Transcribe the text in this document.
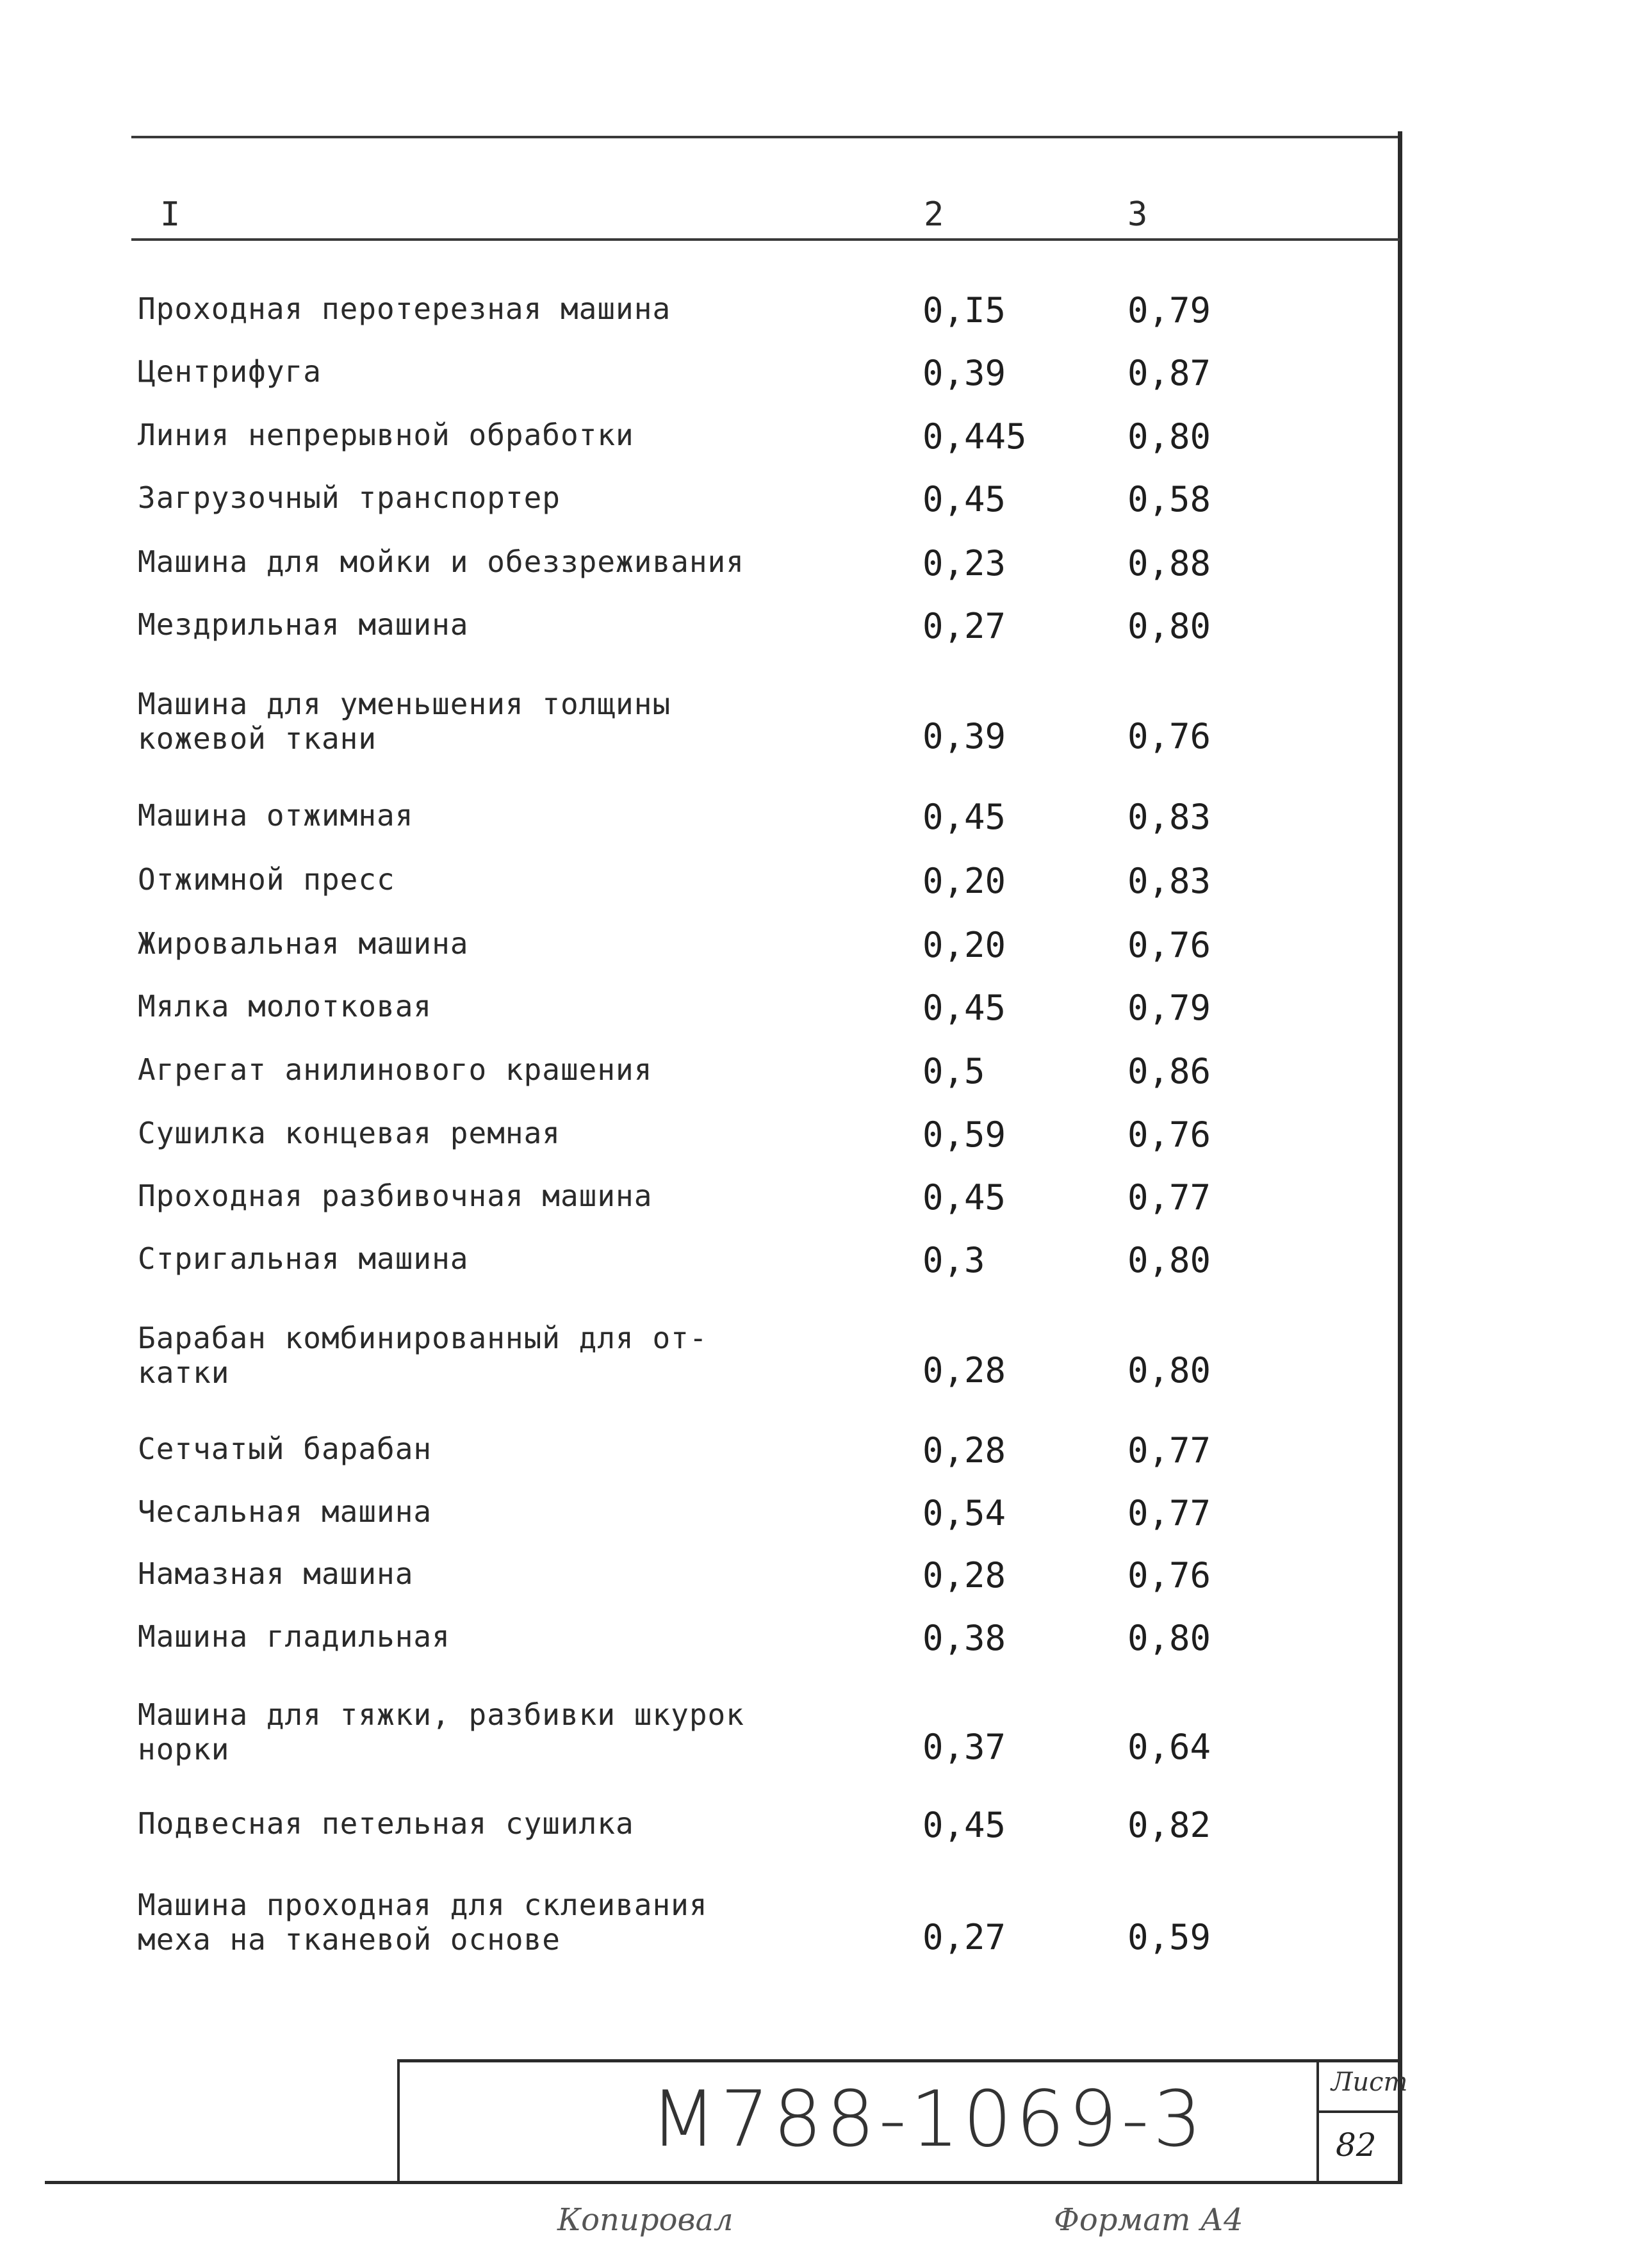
I	2	3
Проходная перотерезная машина	0,I5	0,79
Центрифуга	0,39	0,87
Линия непрерывной обработки	0,445	0,80
Загрузочный транспортер	0,45	0,58
Машина для мойки и обеззреживания	0,23	0,88
Мездрильная машина	0,27	0,80
Машина для уменьшения толщины
кожевой ткани	0,39	0,76
Машина отжимная	0,45	0,83
Отжимной пресс	0,20	0,83
Жировальная машина	0,20	0,76
Мялка молотковая	0,45	0,79
Агрегат анилинового крашения	0,5	0,86
Сушилка концевая ремная	0,59	0,76
Проходная разбивочная машина	0,45	0,77
Стригальная машина	0,3	0,80
Барабан комбинированный для от-
катки	0,28	0,80
Сетчатый барабан	0,28	0,77
Чесальная машина	0,54	0,77
Намазная машина	0,28	0,76
Машина гладильная	0,38	0,80
Машина для тяжки, разбивки шкурок
норки	0,37	0,64
Подвесная петельная сушилка	0,45	0,82
Машина проходная для склеивания
меха на тканевой основе	0,27	0,59
М788-1069-3	Лист
82
Копировал	Формат А4
